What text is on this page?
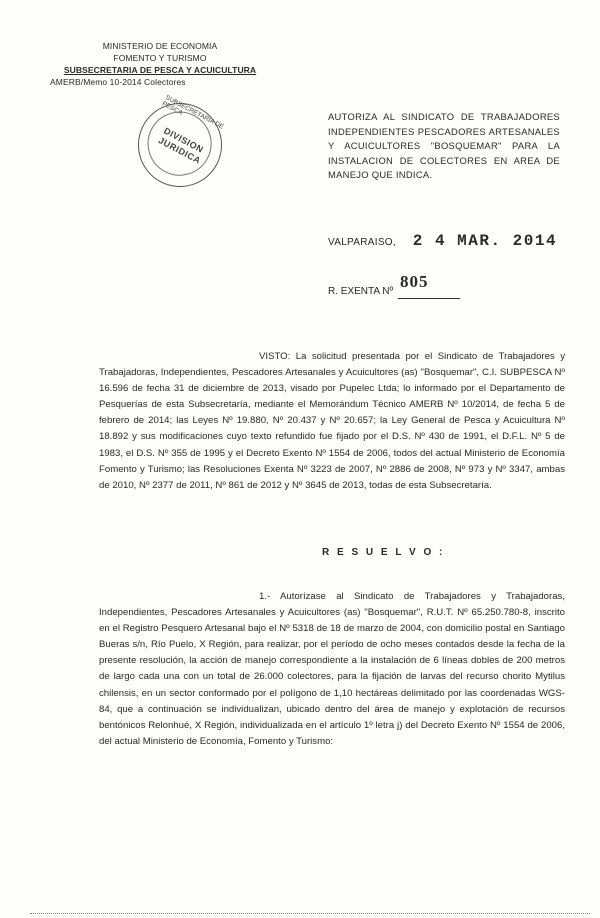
MINISTERIO DE ECONOMIA
FOMENTO Y TURISMO
SUBSECRETARIA DE PESCA Y ACUICULTURA
AMERB/Memo 10-2014 Colectores
SUBSECRETARIA DE PESCA
DIVISION JURIDICA
AUTORIZA AL SINDICATO DE TRABAJADORES INDEPENDIENTES PESCADORES ARTESANALES Y ACUICULTORES "BOSQUEMAR" PARA LA INSTALACION DE COLECTORES EN AREA DE MANEJO QUE INDICA.
VALPARAISO, 2 4 MAR. 2014
R. EXENTA Nº
805
VISTO: La solicitud presentada por el Sindicato de Trabajadores y Trabajadoras, Independientes, Pescadores Artesanales y Acuicultores (as) "Bosquemar", C.I. SUBPESCA Nº 16.596 de fecha 31 de diciembre de 2013, visado por Pupelec Ltda; lo informado por el Departamento de Pesquerías de esta Subsecretaría, mediante el Memorándum Técnico AMERB Nº 10/2014, de fecha 5 de febrero de 2014; las Leyes Nº 19.880, Nº 20.437 y Nº 20.657; la Ley General de Pesca y Acuicultura Nº 18.892 y sus modificaciones cuyo texto refundido fue fijado por el D.S. Nº 430 de 1991, el D.F.L. Nº 5 de 1983, el D.S. Nº 355 de 1995 y el Decreto Exento Nº 1554 de 2006, todos del actual Ministerio de Economía Fomento y Turismo; las Resoluciones Exenta Nº 3223 de 2007, Nº 2886 de 2008, Nº 973 y Nº 3347, ambas de 2010, Nº 2377 de 2011, Nº 861 de 2012 y Nº 3645 de 2013, todas de esta Subsecretaría.
R E S U E L V O :
1.- Autorízase al Sindicato de Trabajadores y Trabajadoras, Independientes, Pescadores Artesanales y Acuicultores (as) "Bosquemar", R.U.T. Nº 65.250.780-8, inscrito en el Registro Pesquero Artesanal bajo el Nº 5318 de 18 de marzo de 2004, con domicilio postal en Santiago Bueras s/n, Río Puelo, X Región, para realizar, por el período de ocho meses contados desde la fecha de la presente resolución, la acción de manejo correspondiente a la instalación de 6 líneas dobles de 200 metros de largo cada una con un total de 26.000 colectores, para la fijación de larvas del recurso chorito Mytilus chilensis, en un sector conformado por el polígono de 1,10 hectáreas delimitado por las coordenadas WGS-84, que a continuación se individualizan, ubicado dentro del área de manejo y explotación de recursos bentónicos Relonhué, X Región, individualizada en el artículo 1º letra j) del Decreto Exento Nº 1554 de 2006, del actual Ministerio de Economía, Fomento y Turismo:
